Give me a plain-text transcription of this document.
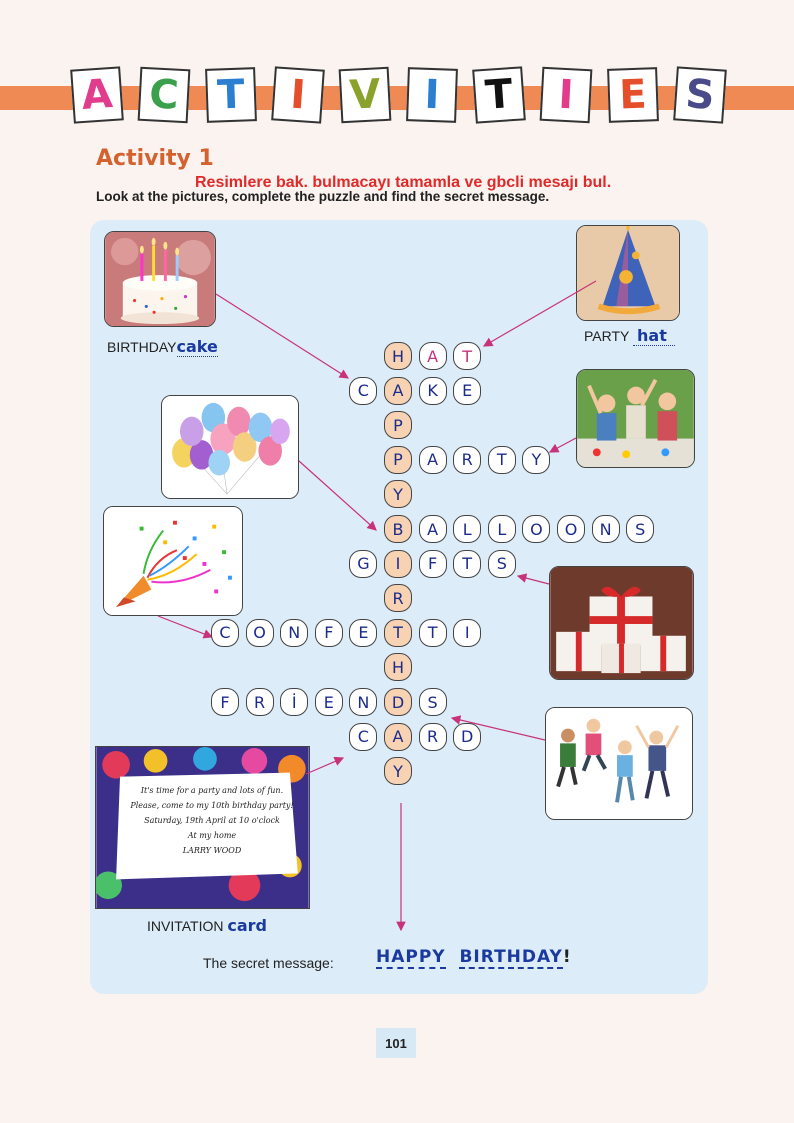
A C T	I	V	I	T	I	E S
Activity 1
Resimlere bak. bulmacayı tamamla ve gbcli mesajı bul.
Look at the pictures, complete the puzzle and find the secret message.
It's time for a party and lots of fun.
Please, come to my 10th birthday party!
Saturday, 19th April at 10 o'clock
At my home
LARRY WOOD
BIRTHDAYcake
PARTY hat
INVITATION card
H	A	T
C	A	K	E
P
P	A	R	T	Y
Y
B	A	L	L	O	O	N	S
G	I	F	T	S
R
C	O	N	F	E	T	T	I
H
F	R	İ	E	N	D	S
C	A	R	D
Y
The secret message: HAPPY BIRTHDAY!
101
